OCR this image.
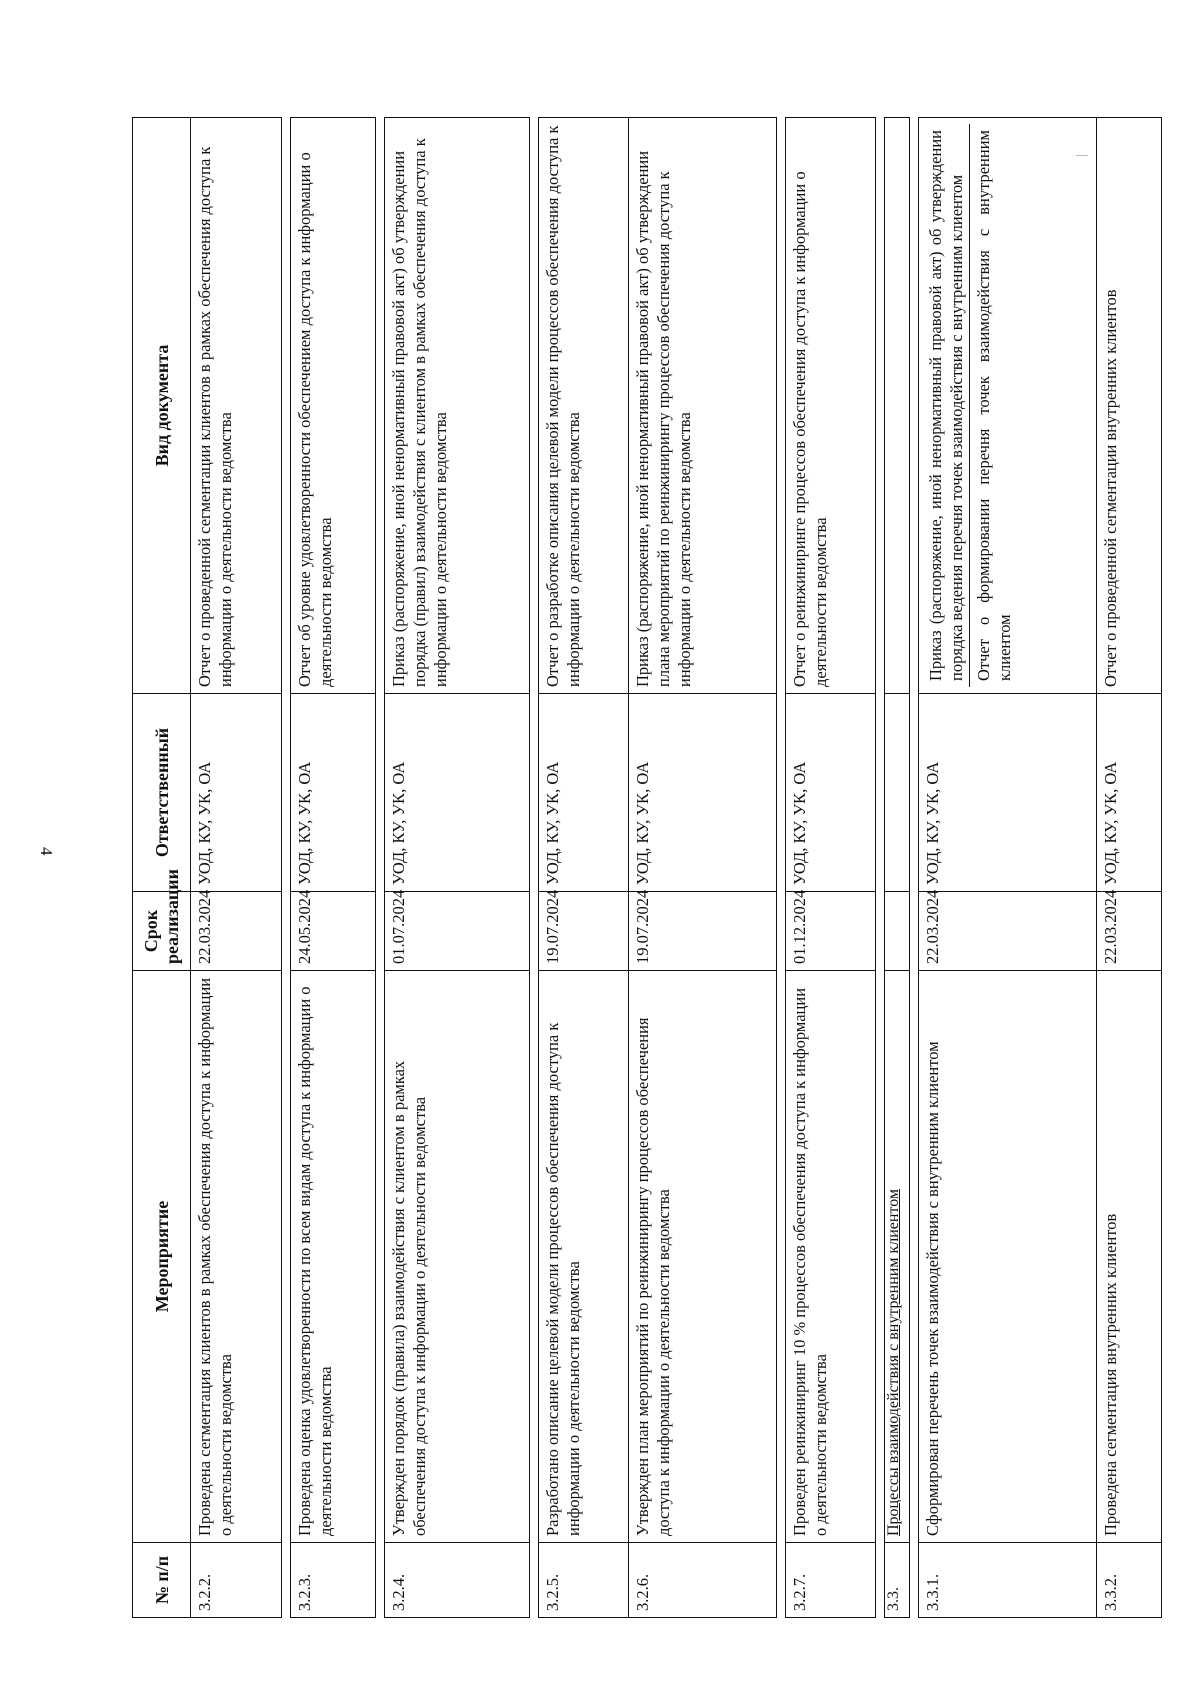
4
№ п/п	Мероприятие	Срок реализации	Ответственный	Вид документа
3.2.2.	Проведена сегментация клиентов в рамках обеспечения доступа к информации о деятельности ведомства	22.03.2024	УОД, КУ, УК, ОА	Отчет о проведенной сегментации клиентов в рамках обеспечения доступа к информации о деятельности ведомства

3.2.3.	Проведена оценка удовлетворенности по всем видам доступа к информации о деятельности ведомства	24.05.2024	УОД, КУ, УК, ОА	Отчет об уровне удовлетворенности обеспечением доступа к информации о деятельности ведомства

3.2.4.	Утвержден порядок (правила) взаимодействия с клиентом в рамках обеспечения доступа к информации о деятельности ведомства	01.07.2024	УОД, КУ, УК, ОА	Приказ (распоряжение, иной ненормативный правовой акт) об утверждении порядка (правил) взаимодействия с клиентом в рамках обеспечения доступа к информации о деятельности ведомства

3.2.5.	Разработано описание целевой модели процессов обеспечения доступа к информации о деятельности ведомства	19.07.2024	УОД, КУ, УК, ОА	Отчет о разработке описания целевой модели процессов обеспечения доступа к информации о деятельности ведомства
3.2.6.	Утвержден план мероприятий по реинжинирингу процессов обеспечения доступа к информации о деятельности ведомства	19.07.2024	УОД, КУ, УК, ОА	Приказ (распоряжение, иной ненормативный правовой акт) об утверждении плана мероприятий по реинжинирингу процессов обеспечения доступа к информации о деятельности ведомства

3.2.7.	Проведен реинжиниринг 10 % процессов обеспечения доступа к информации о деятельности ведомства	01.12.2024	УОД, КУ, УК, ОА	Отчет о реинжиниринге процессов обеспечения доступа к информации о деятельности ведомства

3.3.	Процессы взаимодействия с внутренним клиентом			

3.3.1.	Сформирован перечень точек взаимодействия с внутренним клиентом	22.03.2024	УОД, КУ, УК, ОА	Приказ (распоряжение, иной ненормативный правовой акт) об утверждении порядка ведения перечня точек взаимодействия с внутренним клиентом Отчет о формировании перечня точек взаимодействия с внутренним клиентом

3.3.2.	Проведена сегментация внутренних клиентов	22.03.2024	УОД, КУ, УК, ОА	Отчет о проведенной сегментации внутренних клиентов
